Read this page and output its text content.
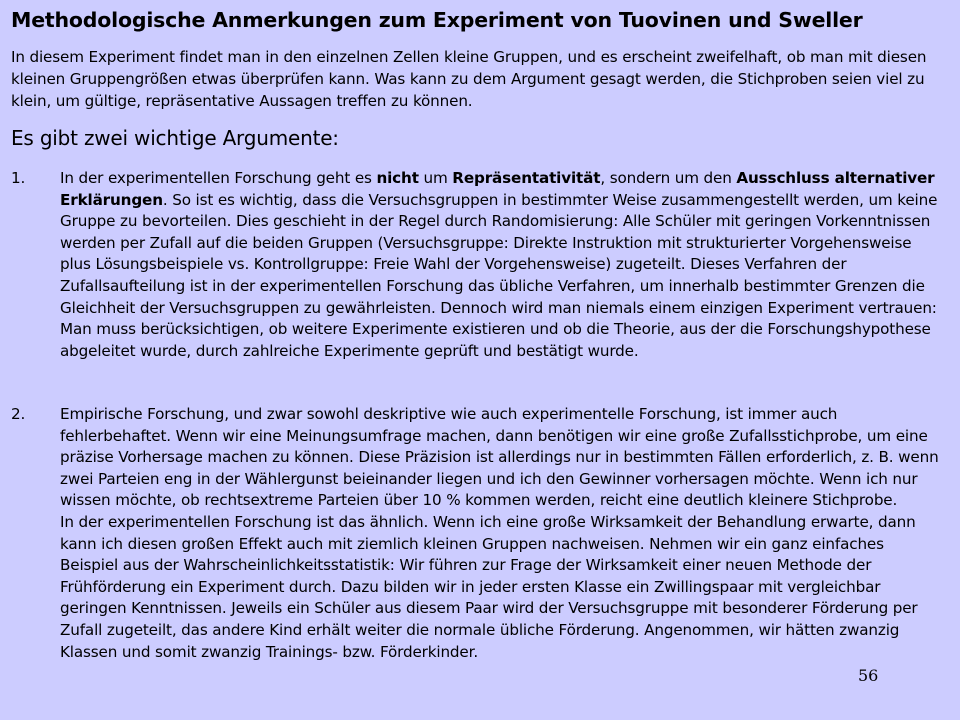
Methodologische Anmerkungen zum Experiment von Tuovinen und Sweller
In diesem Experiment findet man in den einzelnen Zellen kleine Gruppen, und es erscheint zweifelhaft, ob man mit diesen kleinen Gruppengrößen etwas überprüfen kann. Was kann zu dem Argument gesagt werden, die Stichproben seien viel zu klein, um gültige, repräsentative Aussagen treffen zu können.
Es gibt zwei wichtige Argumente:
1.	In der experimentellen Forschung geht es nicht um Repräsentativität, sondern um den Ausschluss alternativer Erklärungen. So ist es wichtig, dass die Versuchsgruppen in bestimmter Weise zusammengestellt werden, um keine Gruppe zu bevorteilen. Dies geschieht in der Regel durch Randomisierung: Alle Schüler mit geringen Vorkenntnissen werden per Zufall auf die beiden Gruppen (Versuchsgruppe: Direkte Instruktion mit strukturierter Vorgehensweise plus Lösungsbeispiele vs. Kontrollgruppe: Freie Wahl der Vorgehensweise) zugeteilt. Dieses Verfahren der Zufallsaufteilung ist in der experimentellen Forschung das übliche Verfahren, um innerhalb bestimmter Grenzen die Gleichheit der Versuchsgruppen zu gewährleisten. Dennoch wird man niemals einem einzigen Experiment vertrauen: Man muss berücksichtigen, ob weitere Experimente existieren und ob die Theorie, aus der die Forschungshypothese abgeleitet wurde, durch zahlreiche Experimente geprüft und bestätigt wurde.
2.	Empirische Forschung, und zwar sowohl deskriptive wie auch experimentelle Forschung, ist immer auch fehlerbehaftet. Wenn wir eine Meinungsumfrage machen, dann benötigen wir eine große Zufallsstichprobe, um eine präzise Vorhersage machen zu können. Diese Präzision ist allerdings nur in bestimmten Fällen erforderlich, z. B. wenn zwei Parteien eng in der Wählergunst beieinander liegen und ich den Gewinner vorhersagen möchte. Wenn ich nur wissen möchte, ob rechtsextreme Parteien über 10 % kommen werden, reicht eine deutlich kleinere Stichprobe.

In der experimentellen Forschung ist das ähnlich. Wenn ich eine große Wirksamkeit der Behandlung erwarte, dann kann ich diesen großen Effekt auch mit ziemlich kleinen Gruppen nachweisen. Nehmen wir ein ganz einfaches Beispiel aus der Wahrscheinlichkeitsstatistik: Wir führen zur Frage der Wirksamkeit einer neuen Methode der Frühförderung ein Experiment durch. Dazu bilden wir in jeder ersten Klasse ein Zwillingspaar mit vergleichbar geringen Kenntnissen. Jeweils ein Schüler aus diesem Paar wird der Versuchsgruppe mit besonderer Förderung per Zufall zugeteilt, das andere Kind erhält weiter die normale übliche Förderung. Angenommen, wir hätten zwanzig Klassen und somit zwanzig Trainings- bzw. Förderkinder.

56
